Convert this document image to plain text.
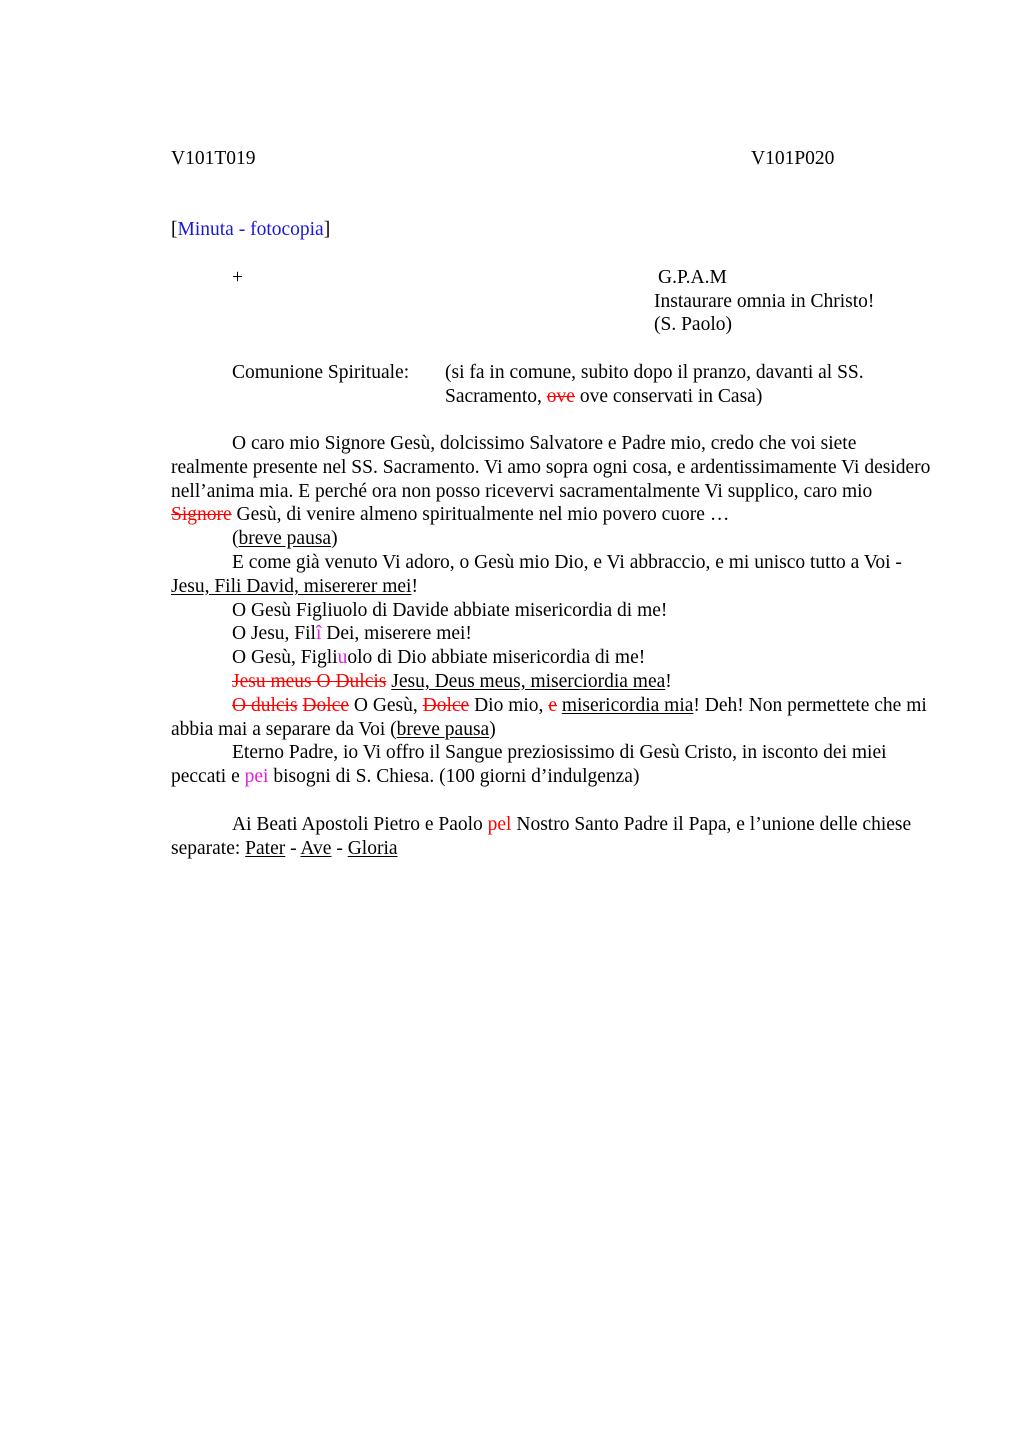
V101T019	V101P020
[Minuta - fotocopia]
+	G.P.A.M
Instaurare omnia in Christo!
(S. Paolo)
Comunione Spirituale: (si fa in comune, subito dopo il pranzo, davanti al SS.
Sacramento, ove ove conservati in Casa)

O caro mio Signore Gesù, dolcissimo Salvatore e Padre mio, credo che voi siete realmente presente nel SS. Sacramento. Vi amo sopra ogni cosa, e ardentissimamente Vi desidero nell’anima mia. E perché ora non posso ricevervi sacramentalmente Vi supplico, caro mio Signore Gesù, di venire almeno spiritualmente nel mio povero cuore …

(breve pausa)

E come già venuto Vi adoro, o Gesù mio Dio, e Vi abbraccio, e mi unisco tutto a Voi - Jesu, Fili David, misererer mei!

O Gesù Figliuolo di Davide abbiate misericordia di me!

O Jesu, Filî Dei, miserere mei!

O Gesù, Figliuolo di Dio abbiate misericordia di me!

Jesu meus O Dulcis Jesu, Deus meus, miserciordia mea!

O dulcis Dolce O Gesù, Dolce Dio mio, e misericordia mia! Deh! Non permettete che mi abbia mai a separare da Voi (breve pausa)

Eterno Padre, io Vi offro il Sangue preziosissimo di Gesù Cristo, in isconto dei miei peccati e pei bisogni di S. Chiesa. (100 giorni d’indulgenza)

Ai Beati Apostoli Pietro e Paolo pel Nostro Santo Padre il Papa, e l’unione delle chiese separate: Pater - Ave - Gloria
